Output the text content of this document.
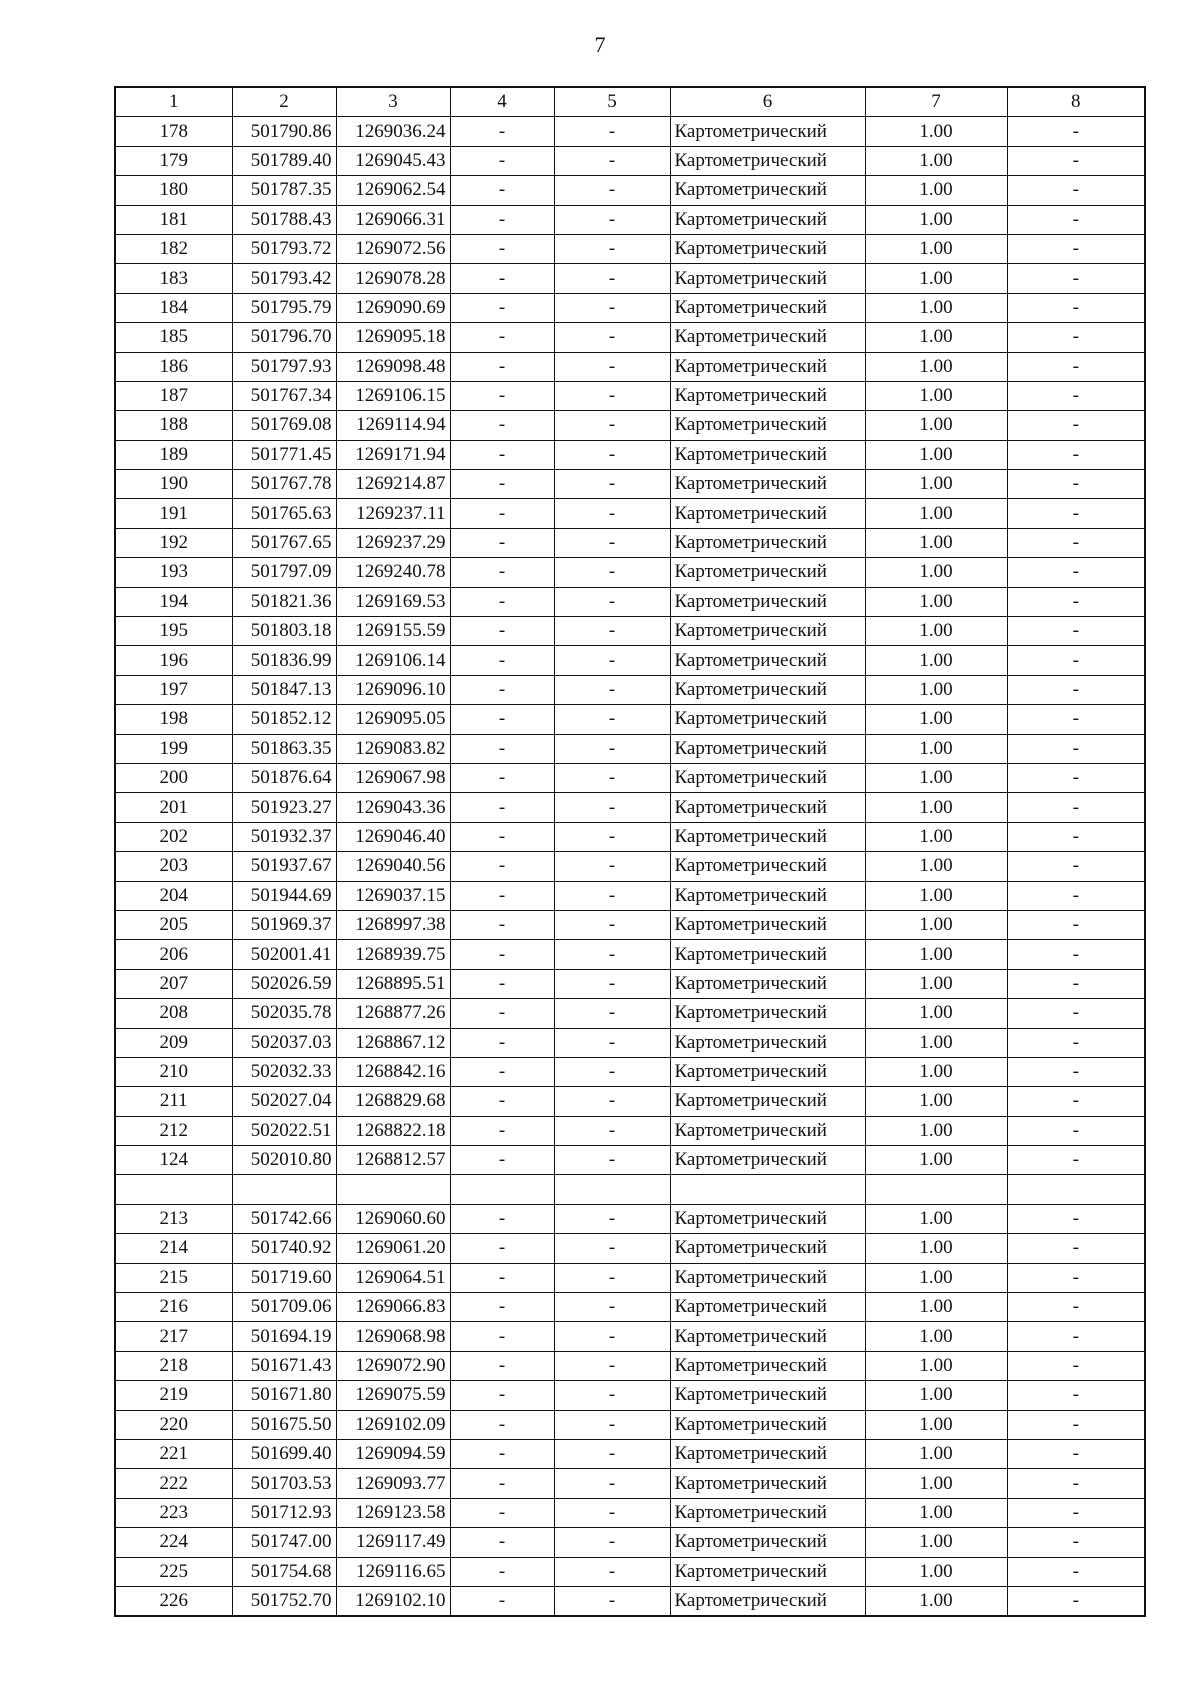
7
1	2	3	4	5	6	7	8
178	501790.86	1269036.24	-	-	Картометрический	1.00	-
179	501789.40	1269045.43	-	-	Картометрический	1.00	-
180	501787.35	1269062.54	-	-	Картометрический	1.00	-
181	501788.43	1269066.31	-	-	Картометрический	1.00	-
182	501793.72	1269072.56	-	-	Картометрический	1.00	-
183	501793.42	1269078.28	-	-	Картометрический	1.00	-
184	501795.79	1269090.69	-	-	Картометрический	1.00	-
185	501796.70	1269095.18	-	-	Картометрический	1.00	-
186	501797.93	1269098.48	-	-	Картометрический	1.00	-
187	501767.34	1269106.15	-	-	Картометрический	1.00	-
188	501769.08	1269114.94	-	-	Картометрический	1.00	-
189	501771.45	1269171.94	-	-	Картометрический	1.00	-
190	501767.78	1269214.87	-	-	Картометрический	1.00	-
191	501765.63	1269237.11	-	-	Картометрический	1.00	-
192	501767.65	1269237.29	-	-	Картометрический	1.00	-
193	501797.09	1269240.78	-	-	Картометрический	1.00	-
194	501821.36	1269169.53	-	-	Картометрический	1.00	-
195	501803.18	1269155.59	-	-	Картометрический	1.00	-
196	501836.99	1269106.14	-	-	Картометрический	1.00	-
197	501847.13	1269096.10	-	-	Картометрический	1.00	-
198	501852.12	1269095.05	-	-	Картометрический	1.00	-
199	501863.35	1269083.82	-	-	Картометрический	1.00	-
200	501876.64	1269067.98	-	-	Картометрический	1.00	-
201	501923.27	1269043.36	-	-	Картометрический	1.00	-
202	501932.37	1269046.40	-	-	Картометрический	1.00	-
203	501937.67	1269040.56	-	-	Картометрический	1.00	-
204	501944.69	1269037.15	-	-	Картометрический	1.00	-
205	501969.37	1268997.38	-	-	Картометрический	1.00	-
206	502001.41	1268939.75	-	-	Картометрический	1.00	-
207	502026.59	1268895.51	-	-	Картометрический	1.00	-
208	502035.78	1268877.26	-	-	Картометрический	1.00	-
209	502037.03	1268867.12	-	-	Картометрический	1.00	-
210	502032.33	1268842.16	-	-	Картометрический	1.00	-
211	502027.04	1268829.68	-	-	Картометрический	1.00	-
212	502022.51	1268822.18	-	-	Картометрический	1.00	-
124	502010.80	1268812.57	-	-	Картометрический	1.00	-

213	501742.66	1269060.60	-	-	Картометрический	1.00	-
214	501740.92	1269061.20	-	-	Картометрический	1.00	-
215	501719.60	1269064.51	-	-	Картометрический	1.00	-
216	501709.06	1269066.83	-	-	Картометрический	1.00	-
217	501694.19	1269068.98	-	-	Картометрический	1.00	-
218	501671.43	1269072.90	-	-	Картометрический	1.00	-
219	501671.80	1269075.59	-	-	Картометрический	1.00	-
220	501675.50	1269102.09	-	-	Картометрический	1.00	-
221	501699.40	1269094.59	-	-	Картометрический	1.00	-
222	501703.53	1269093.77	-	-	Картометрический	1.00	-
223	501712.93	1269123.58	-	-	Картометрический	1.00	-
224	501747.00	1269117.49	-	-	Картометрический	1.00	-
225	501754.68	1269116.65	-	-	Картометрический	1.00	-
226	501752.70	1269102.10	-	-	Картометрический	1.00	-
